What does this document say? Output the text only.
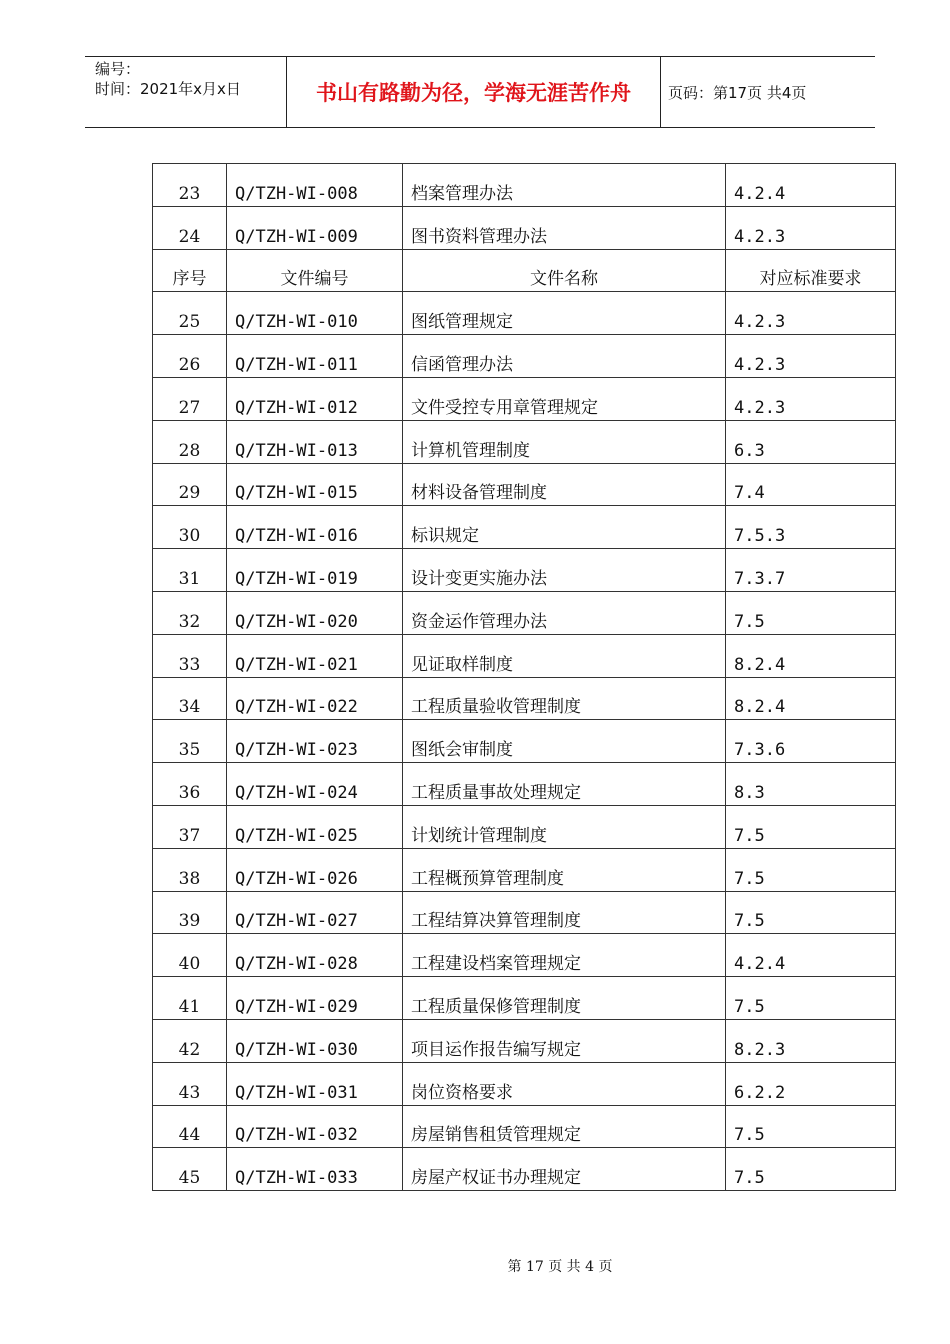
编号：
时间：2021年x月x日	书山有路勤为径，学海无涯苦作舟	页码：第17页 共4页
23	Q/TZH-WI-008	档案管理办法	4.2.4
24	Q/TZH-WI-009	图书资料管理办法	4.2.3
序号	文件编号	文件名称	对应标准要求
25	Q/TZH-WI-010	图纸管理规定	4.2.3
26	Q/TZH-WI-011	信函管理办法	4.2.3
27	Q/TZH-WI-012	文件受控专用章管理规定	4.2.3
28	Q/TZH-WI-013	计算机管理制度	6.3
29	Q/TZH-WI-015	材料设备管理制度	7.4
30	Q/TZH-WI-016	标识规定	7.5.3
31	Q/TZH-WI-019	设计变更实施办法	7.3.7
32	Q/TZH-WI-020	资金运作管理办法	7.5
33	Q/TZH-WI-021	见证取样制度	8.2.4
34	Q/TZH-WI-022	工程质量验收管理制度	8.2.4
35	Q/TZH-WI-023	图纸会审制度	7.3.6
36	Q/TZH-WI-024	工程质量事故处理规定	8.3
37	Q/TZH-WI-025	计划统计管理制度	7.5
38	Q/TZH-WI-026	工程概预算管理制度	7.5
39	Q/TZH-WI-027	工程结算决算管理制度	7.5
40	Q/TZH-WI-028	工程建设档案管理规定	4.2.4
41	Q/TZH-WI-029	工程质量保修管理制度	7.5
42	Q/TZH-WI-030	项目运作报告编写规定	8.2.3
43	Q/TZH-WI-031	岗位资格要求	6.2.2
44	Q/TZH-WI-032	房屋销售租赁管理规定	7.5
45	Q/TZH-WI-033	房屋产权证书办理规定	7.5
第 17 页 共 4 页
